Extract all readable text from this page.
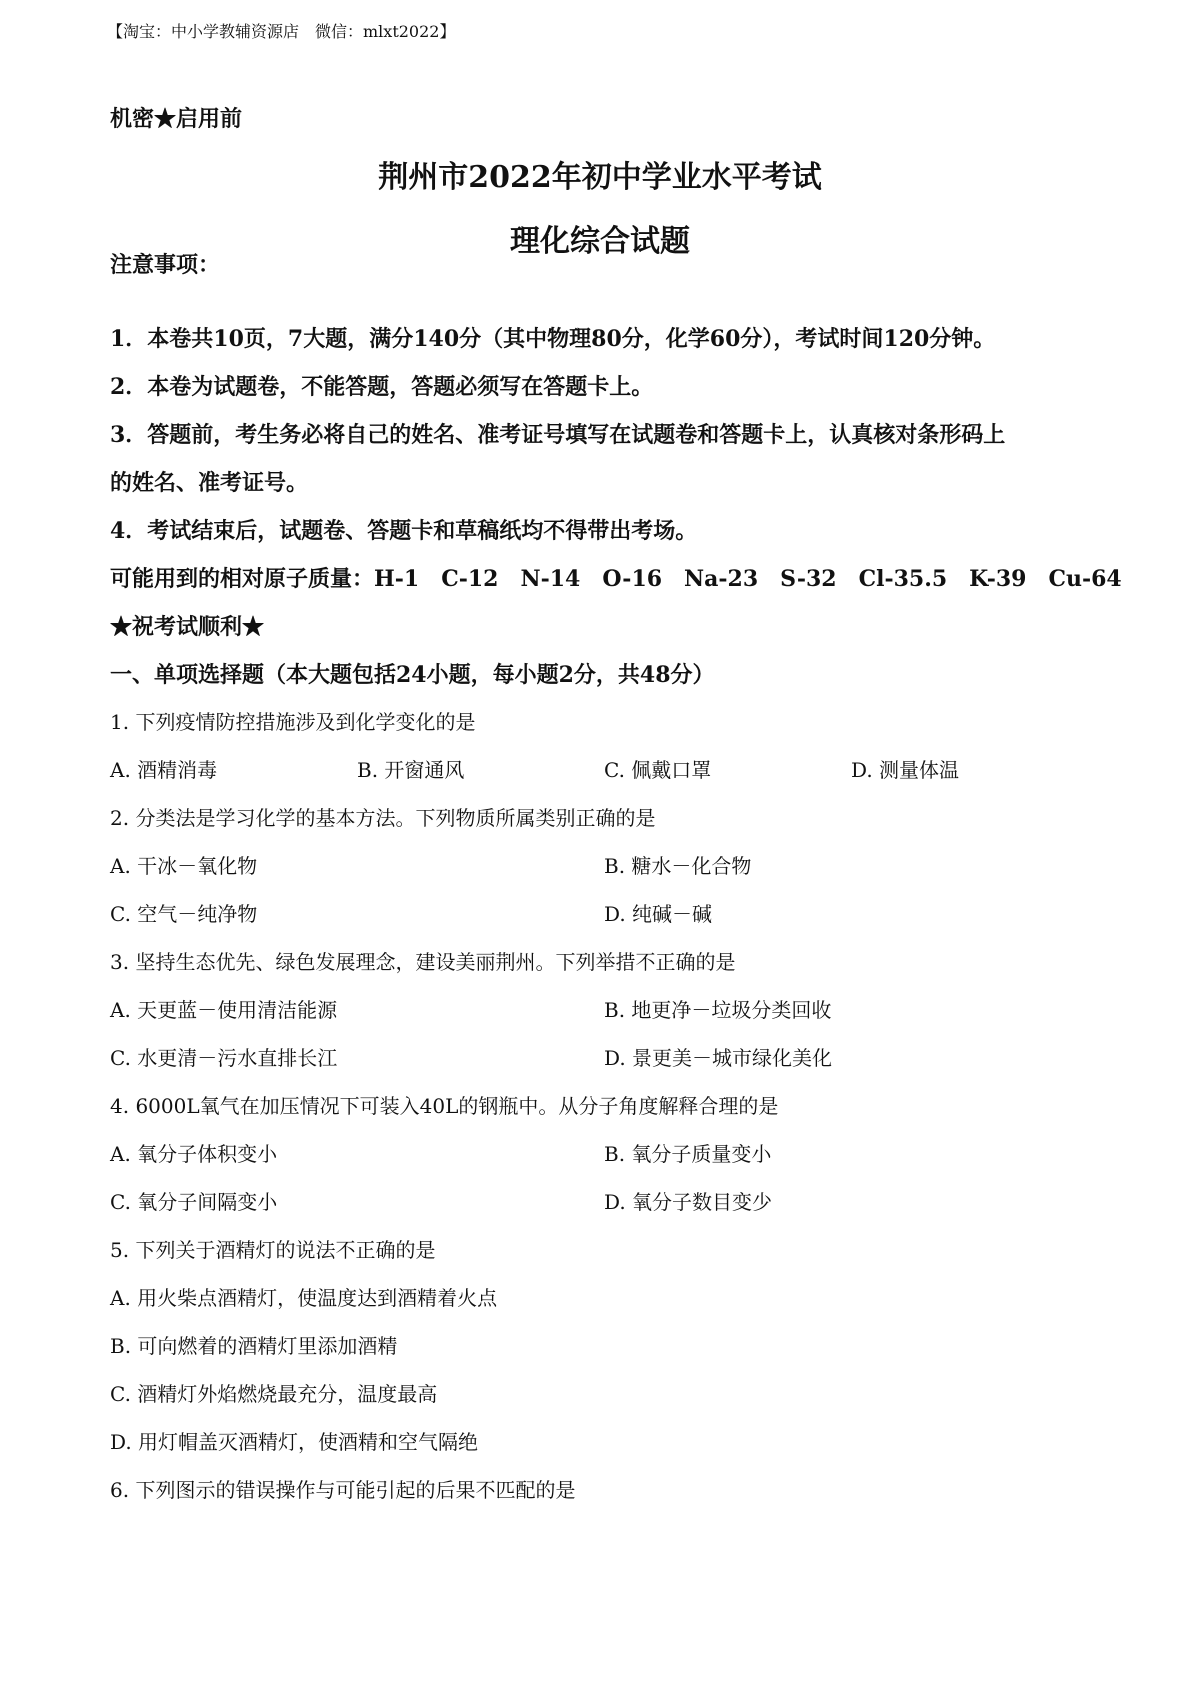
【淘宝：中小学教辅资源店　微信：mlxt2022】
机密★启用前
荆州市2022年初中学业水平考试
理化综合试题
注意事项：
1．本卷共10页，7大题，满分140分（其中物理80分，化学60分），考试时间120分钟。
2．本卷为试题卷，不能答题，答题必须写在答题卡上。
3．答题前，考生务必将自己的姓名、准考证号填写在试题卷和答题卡上，认真核对条形码上
的姓名、准考证号。
4．考试结束后，试题卷、答题卡和草稿纸均不得带出考场。
可能用到的相对原子质量：H-1　C-12　N-14　O-16　Na-23　S-32　Cl-35.5　K-39　Cu-64
★祝考试顺利★
一、单项选择题（本大题包括24小题，每小题2分，共48分）
1. 下列疫情防控措施涉及到化学变化的是
A. 酒精消毒	B. 开窗通风	C. 佩戴口罩	D. 测量体温
2. 分类法是学习化学的基本方法。下列物质所属类别正确的是
A. 干冰－氧化物	B. 糖水－化合物
C. 空气－纯净物	D. 纯碱－碱
3. 坚持生态优先、绿色发展理念，建设美丽荆州。下列举措不正确的是
A. 天更蓝－使用清洁能源	B. 地更净－垃圾分类回收
C. 水更清－污水直排长江	D. 景更美－城市绿化美化
4. 6000L氧气在加压情况下可装入40L的钢瓶中。从分子角度解释合理的是
A. 氧分子体积变小	B. 氧分子质量变小
C. 氧分子间隔变小	D. 氧分子数目变少
5. 下列关于酒精灯的说法不正确的是
A. 用火柴点酒精灯，使温度达到酒精着火点
B. 可向燃着的酒精灯里添加酒精
C. 酒精灯外焰燃烧最充分，温度最高
D. 用灯帽盖灭酒精灯，使酒精和空气隔绝
6. 下列图示的错误操作与可能引起的后果不匹配的是
